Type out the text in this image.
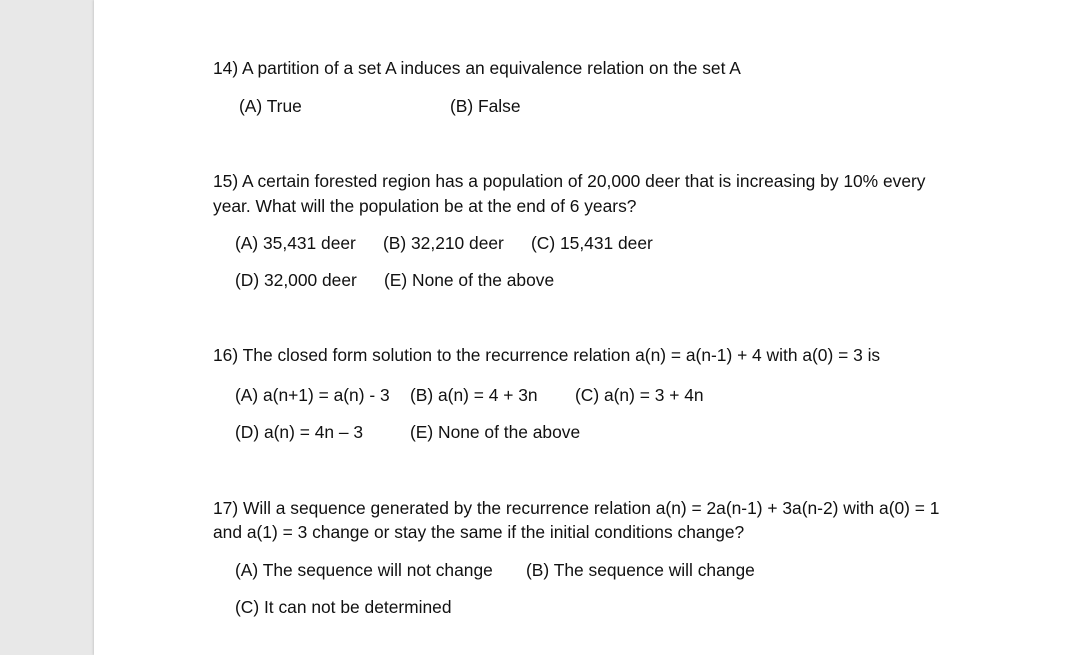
14) A partition of a set A induces an equivalence relation on the set A
(A) True	(B) False
15) A certain forested region has a population of 20,000 deer that is increasing by 10% every
year. What will the population be at the end of 6 years?
(A) 35,431 deer (B) 32,210 deer (C) 15,431 deer
(D) 32,000 deer (E) None of the above
16) The closed form solution to the recurrence relation a(n) = a(n-1) + 4 with a(0) = 3 is
(A) a(n+1) = a(n) - 3 (B) a(n) = 4 + 3n (C) a(n) = 3 + 4n
(D) a(n) = 4n – 3	(E) None of the above
17) Will a sequence generated by the recurrence relation a(n) = 2a(n-1) + 3a(n-2) with a(0) = 1
and a(1) = 3 change or stay the same if the initial conditions change?
(A) The sequence will not change (B) The sequence will change
(C) It can not be determined
